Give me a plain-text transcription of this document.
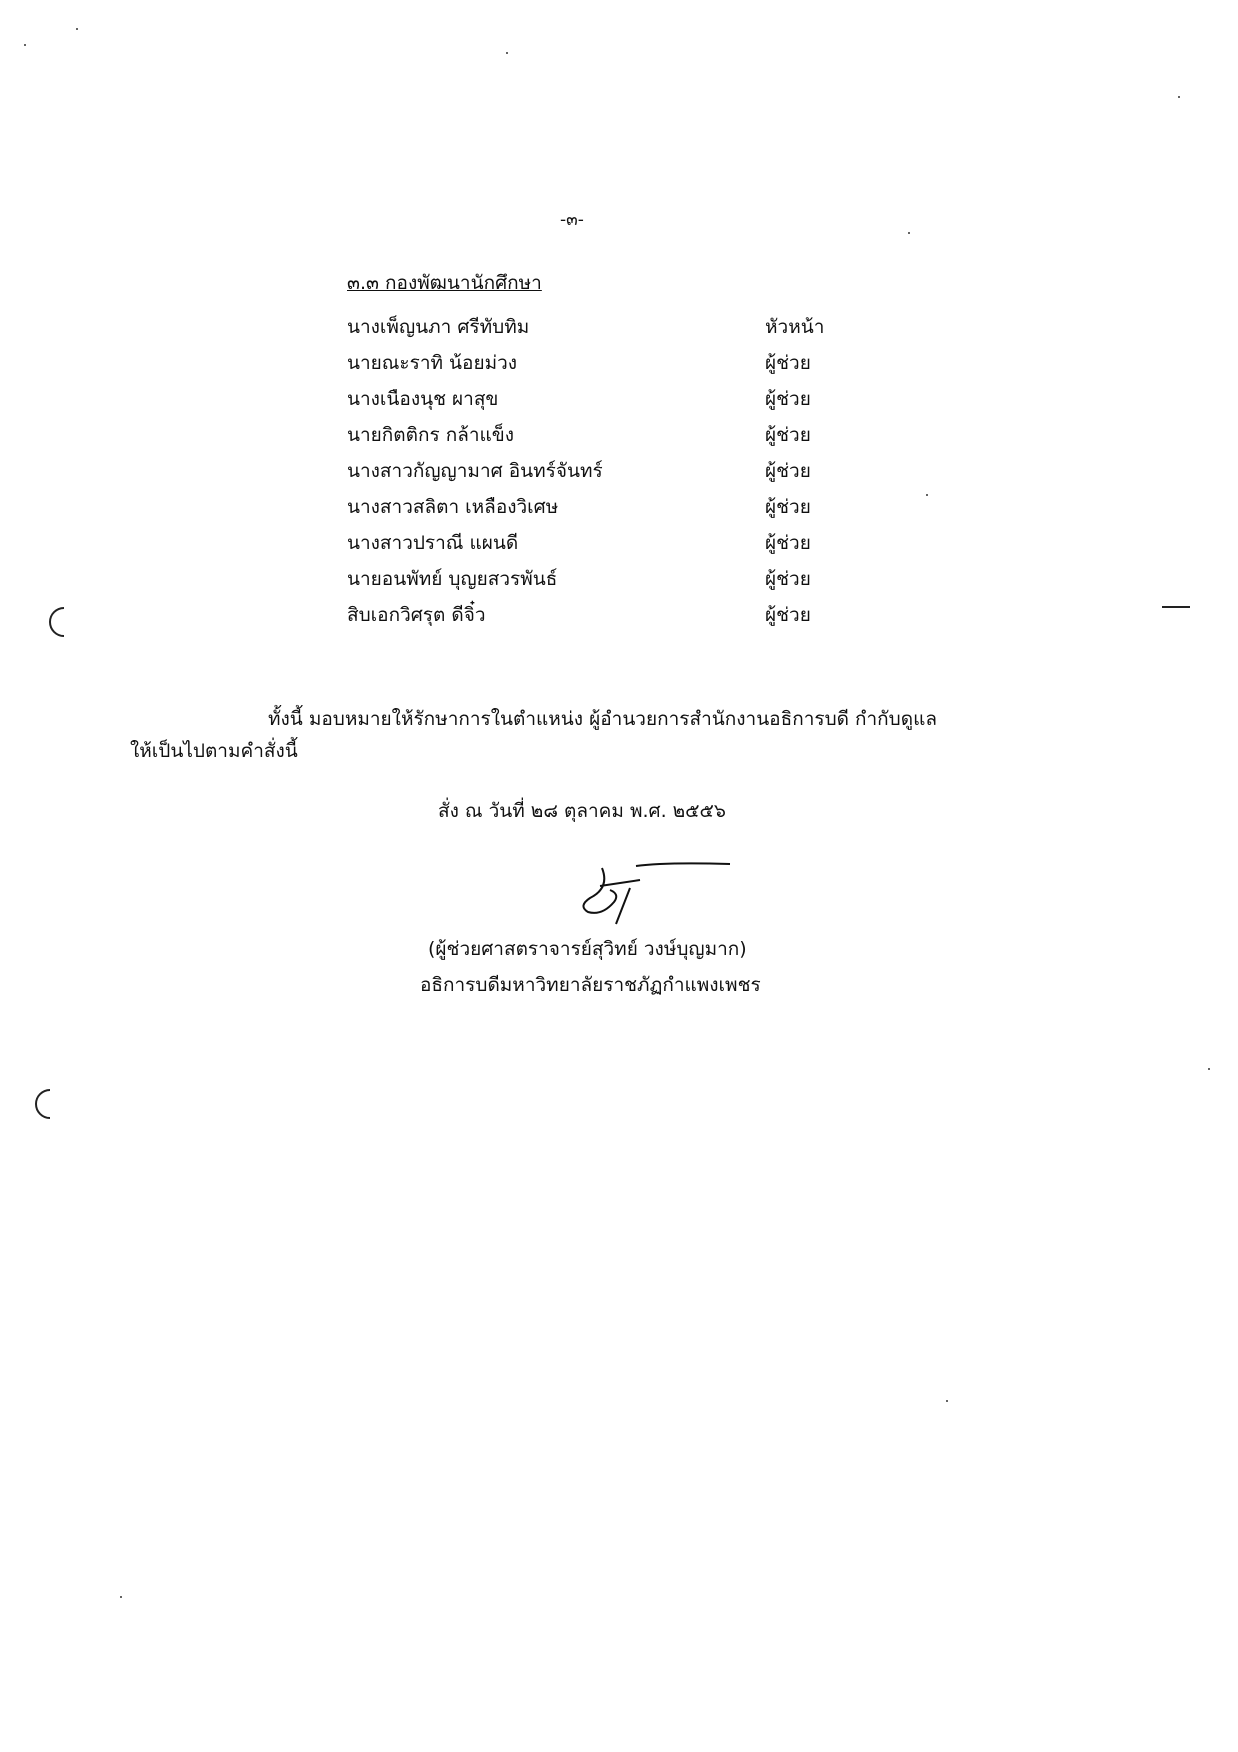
-๓-
๓.๓ กองพัฒนานักศึกษา
นางเพ็ญนภา ศรีทับทิม	หัวหน้า
นายณะราทิ น้อยม่วง	ผู้ช่วย
นางเนืองนุช ผาสุข	ผู้ช่วย
นายกิตติกร กล้าแข็ง	ผู้ช่วย
นางสาวกัญญามาศ อินทร์จันทร์	ผู้ช่วย
นางสาวสลิตา เหลืองวิเศษ	ผู้ช่วย
นางสาวปราณี แผนดี	ผู้ช่วย
นายอนพัทย์ บุญยสวรพันธ์	ผู้ช่วย
สิบเอกวิศรุต ดีจิ๋ว	ผู้ช่วย
ทั้งนี้ มอบหมายให้รักษาการในตำแหน่ง ผู้อำนวยการสำนักงานอธิการบดี กำกับดูแล
ให้เป็นไปตามคำสั่งนี้
สั่ง ณ วันที่ ๒๘ ตุลาคม พ.ศ. ๒๕๕๖
(ผู้ช่วยศาสตราจารย์สุวิทย์ วงษ์บุญมาก)
อธิการบดีมหาวิทยาลัยราชภัฏกำแพงเพชร
